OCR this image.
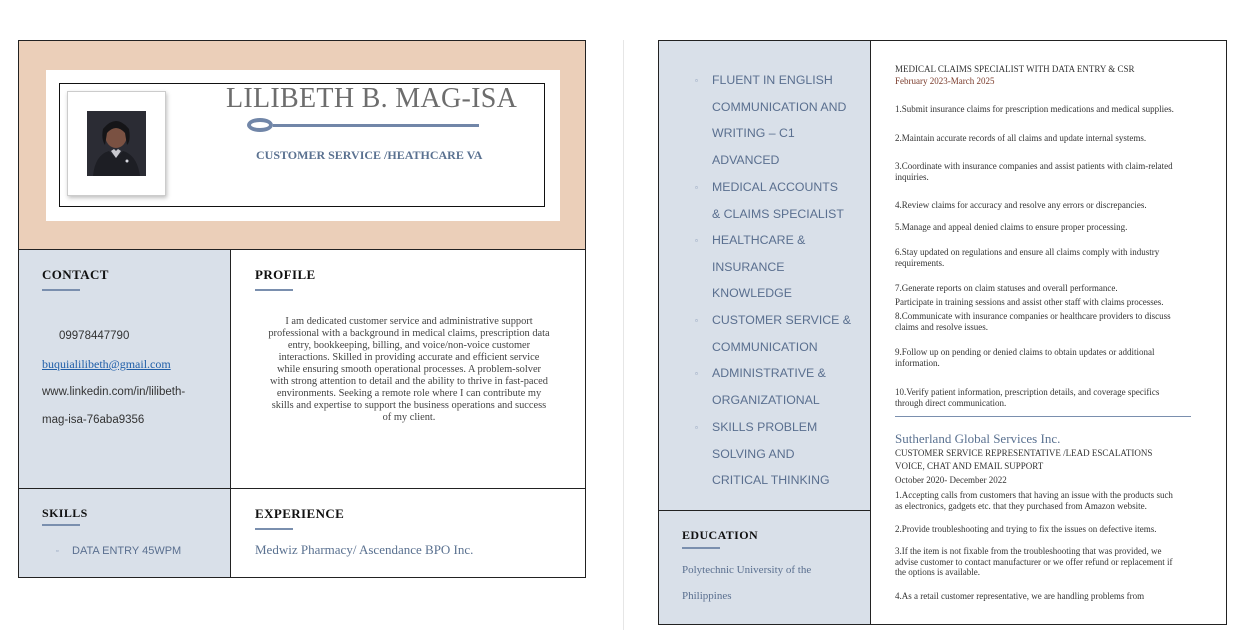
LILIBETH B. MAG-ISA
CUSTOMER SERVICE /HEATHCARE VA
CONTACT
09978447790
buquialilibeth@gmail.com
www.linkedin.com/in/lilibeth-
mag-isa-76aba9356
PROFILE
I am dedicated customer service and administrative support
professional with a background in medical claims, prescription data
entry, bookkeeping, billing, and voice/non-voice customer
interactions. Skilled in providing accurate and efficient service
while ensuring smooth operational processes. A problem-solver
with strong attention to detail and the ability to thrive in fast-paced
environments. Seeking a remote role where I can contribute my
skills and expertise to support the business operations and success
of my client.
SKILLS
▫ DATA ENTRY 45WPM
EXPERIENCE
Medwiz Pharmacy/ Ascendance BPO Inc.
▫ FLUENT IN ENGLISH
COMMUNICATION AND
WRITING – C1
ADVANCED
▫ MEDICAL ACCOUNTS
& CLAIMS SPECIALIST
▫ HEALTHCARE &
INSURANCE
KNOWLEDGE
▫ CUSTOMER SERVICE &
COMMUNICATION
▫ ADMINISTRATIVE &
ORGANIZATIONAL
▫ SKILLS PROBLEM
SOLVING AND
CRITICAL THINKING
EDUCATION
Polytechnic University of the
Philippines
MEDICAL CLAIMS SPECIALIST WITH DATA ENTRY & CSR
February 2023-March 2025
1.Submit insurance claims for prescription medications and medical supplies.
2.Maintain accurate records of all claims and update internal systems.
3.Coordinate with insurance companies and assist patients with claim-related
inquiries.
4.Review claims for accuracy and resolve any errors or discrepancies.
5.Manage and appeal denied claims to ensure proper processing.
6.Stay updated on regulations and ensure all claims comply with industry
requirements.
7.Generate reports on claim statuses and overall performance.
Participate in training sessions and assist other staff with claims processes.
8.Communicate with insurance companies or healthcare providers to discuss
claims and resolve issues.
9.Follow up on pending or denied claims to obtain updates or additional
information.
10.Verify patient information, prescription details, and coverage specifics
through direct communication.
Sutherland Global Services Inc.
CUSTOMER SERVICE REPRESENTATIVE /LEAD ESCALATIONS
VOICE, CHAT AND EMAIL SUPPORT
October 2020- December 2022
1.Accepting calls from customers that having an issue with the products such
as electronics, gadgets etc. that they purchased from Amazon website.
2.Provide troubleshooting and trying to fix the issues on defective items.
3.If the item is not fixable from the troubleshooting that was provided, we
advise customer to contact manufacturer or we offer refund or replacement if
the options is available.
4.As a retail customer representative, we are handling problems from
